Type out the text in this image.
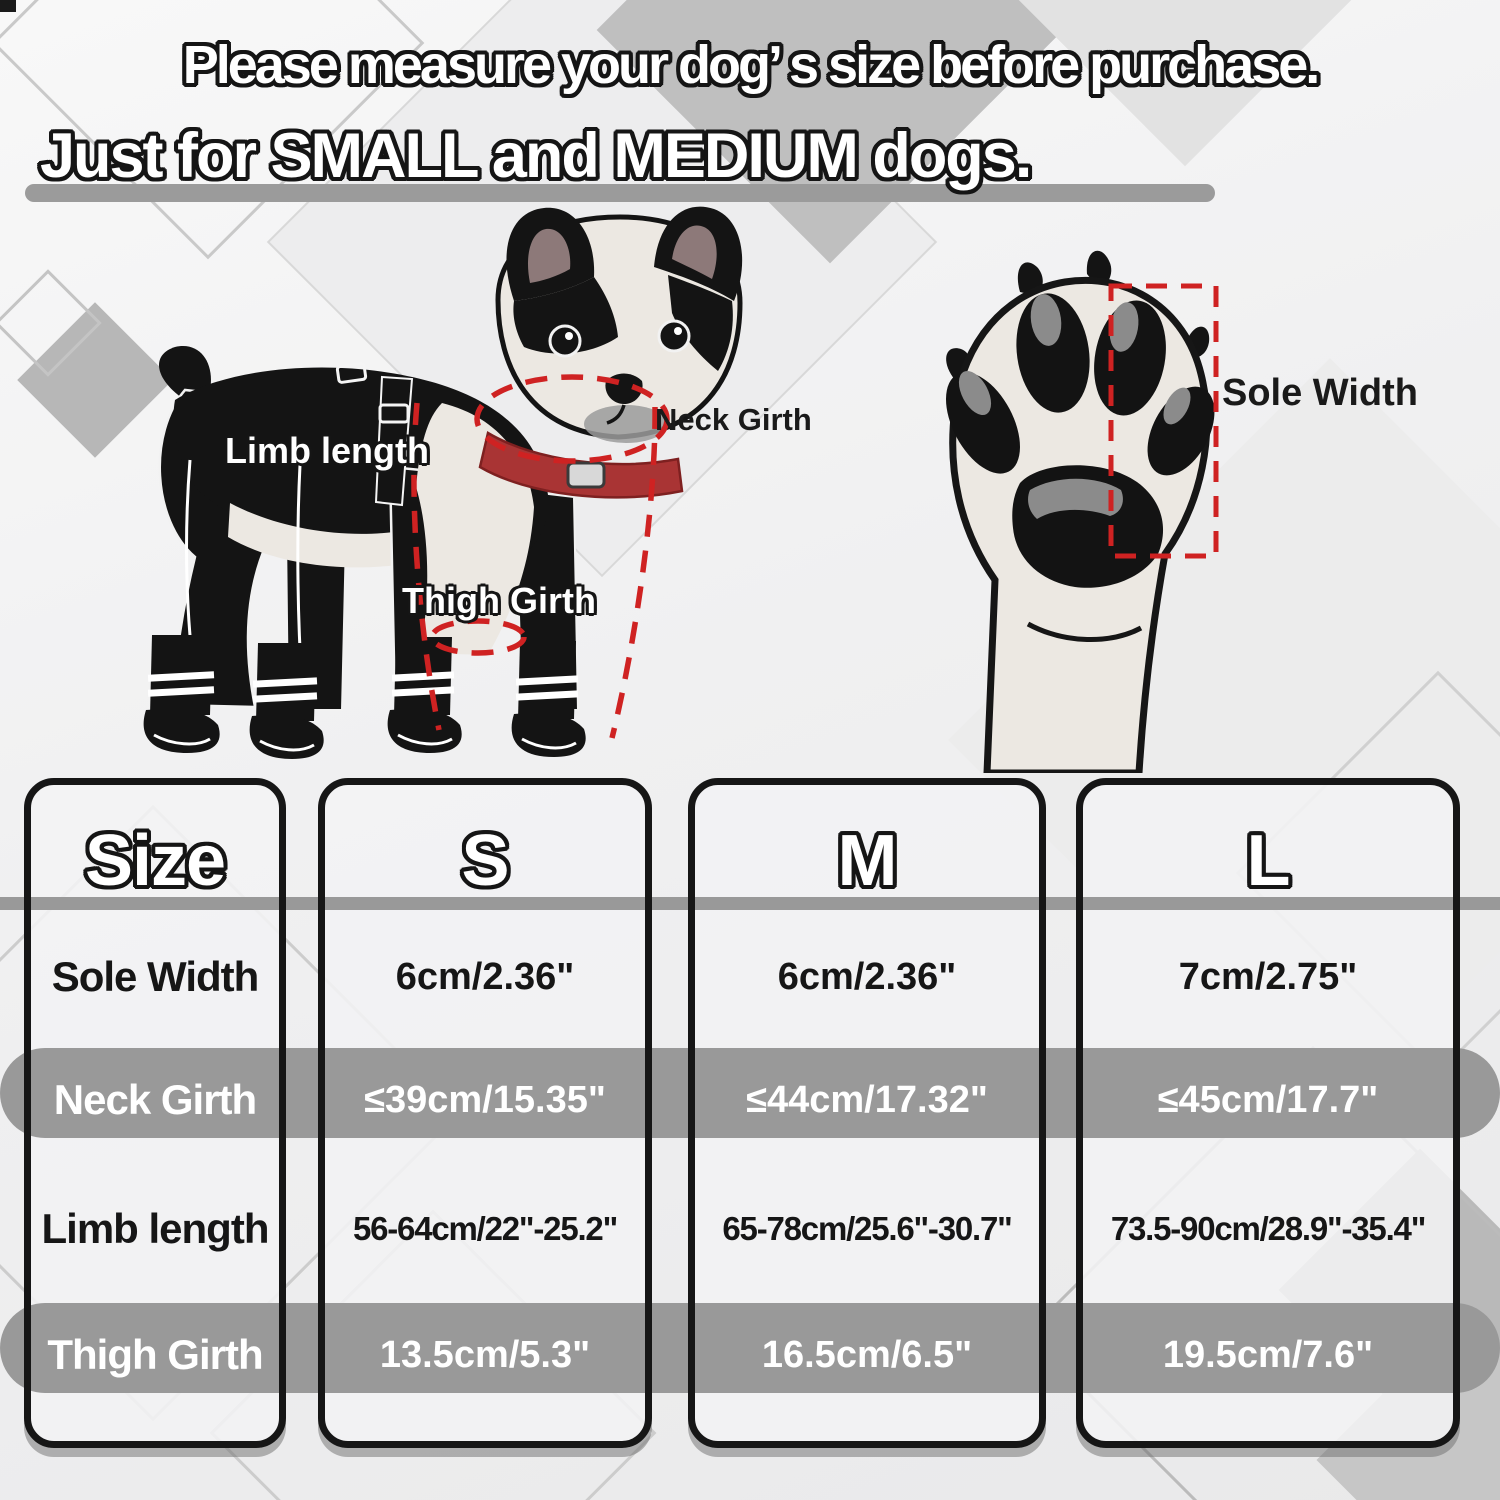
Please measure your dog’ s size before purchase.
Just for SMALL and MEDIUM dogs.
Limb length
Neck Girth
Thigh Girth
Sole Width
Size
Sole Width
Neck Girth
Limb length
Thigh Girth
S
6cm/2.36"
≤39cm/15.35"
56-64cm/22"-25.2"
13.5cm/5.3"
M
6cm/2.36"
≤44cm/17.32"
65-78cm/25.6"-30.7"
16.5cm/6.5"
L
7cm/2.75"
≤45cm/17.7"
73.5-90cm/28.9"-35.4"
19.5cm/7.6"
